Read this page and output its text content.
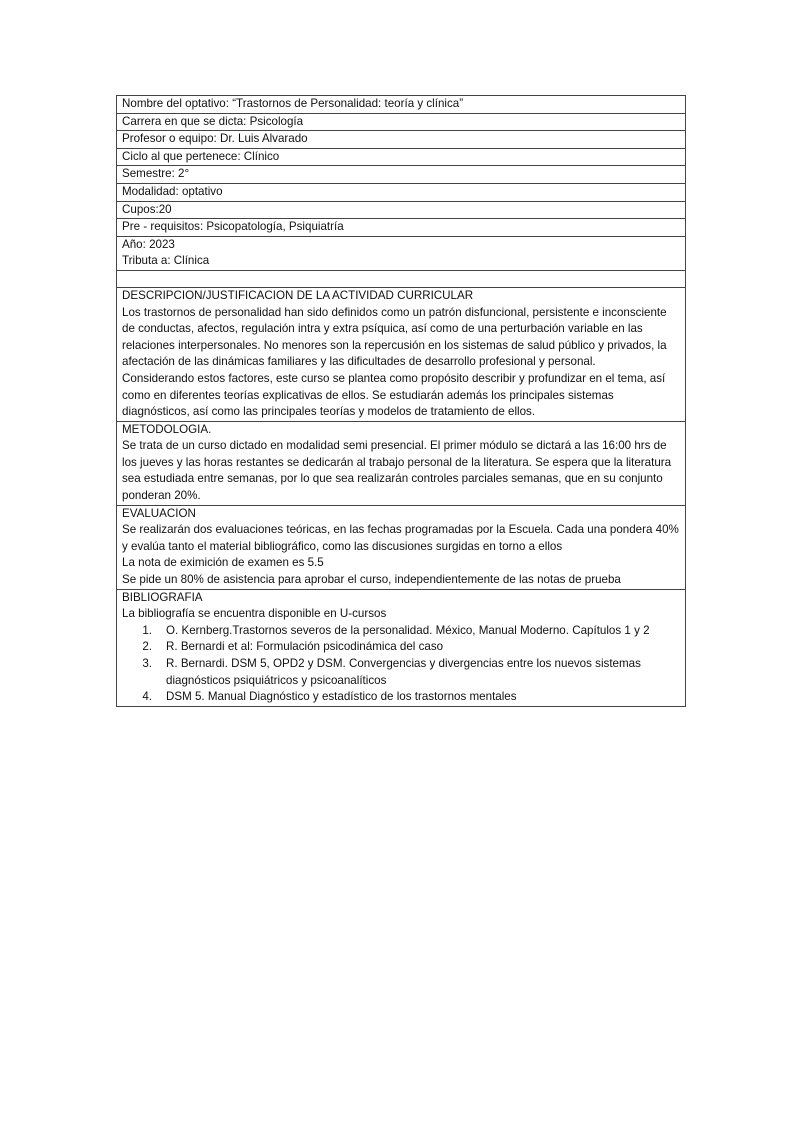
Nombre del optativo: “Trastornos de Personalidad: teoría y clínica”
Carrera en que se dicta: Psicología
Profesor o equipo: Dr. Luis Alvarado
Ciclo al que pertenece: Clínico
Semestre: 2°
Modalidad: optativo
Cupos:20
Pre - requisitos: Psicopatología, Psiquiatría
Año: 2023
Tributa a: Clínica
DESCRIPCION/JUSTIFICACION DE LA ACTIVIDAD CURRICULAR

Los trastornos de personalidad han sido definidos como un patrón disfuncional, persistente e inconsciente de conductas, afectos, regulación intra y extra psíquica, así como de una perturbación variable en las relaciones interpersonales. No menores son la repercusión en los sistemas de salud público y privados, la afectación de las dinámicas familiares y las dificultades de desarrollo profesional y personal.

Considerando estos factores, este curso se plantea como propósito describir y profundizar en el tema, así como en diferentes teorías explicativas de ellos. Se estudiarán además los principales sistemas diagnósticos, así como las principales teorías y modelos de tratamiento de ellos.

METODOLOGIA.

Se trata de un curso dictado en modalidad semi presencial. El primer módulo se dictará a las 16:00 hrs de los jueves y las horas restantes se dedicarán al trabajo personal de la literatura. Se espera que la literatura sea estudiada entre semanas, por lo que sea realizarán controles parciales semanas, que en su conjunto ponderan 20%.

EVALUACION

Se realizarán dos evaluaciones teóricas, en las fechas programadas por la Escuela. Cada una pondera 40% y evalúa tanto el material bibliográfico, como las discusiones surgidas en torno a ellos

La nota de eximición de examen es 5.5

Se pide un 80% de asistencia para aprobar el curso, independientemente de las notas de prueba

BIBLIOGRAFIA
La bibliografía se encuentra disponible en U-cursos
1.	O. Kernberg.Trastornos severos de la personalidad. México, Manual Moderno. Capítulos 1 y 2
2.	R. Bernardi et al: Formulación psicodinámica del caso
3.	R. Bernardi. DSM 5, OPD2 y DSM. Convergencias y divergencias entre los nuevos sistemas diagnósticos psiquiátricos y psicoanalíticos
4.	DSM 5. Manual Diagnóstico y estadístico de los trastornos mentales
